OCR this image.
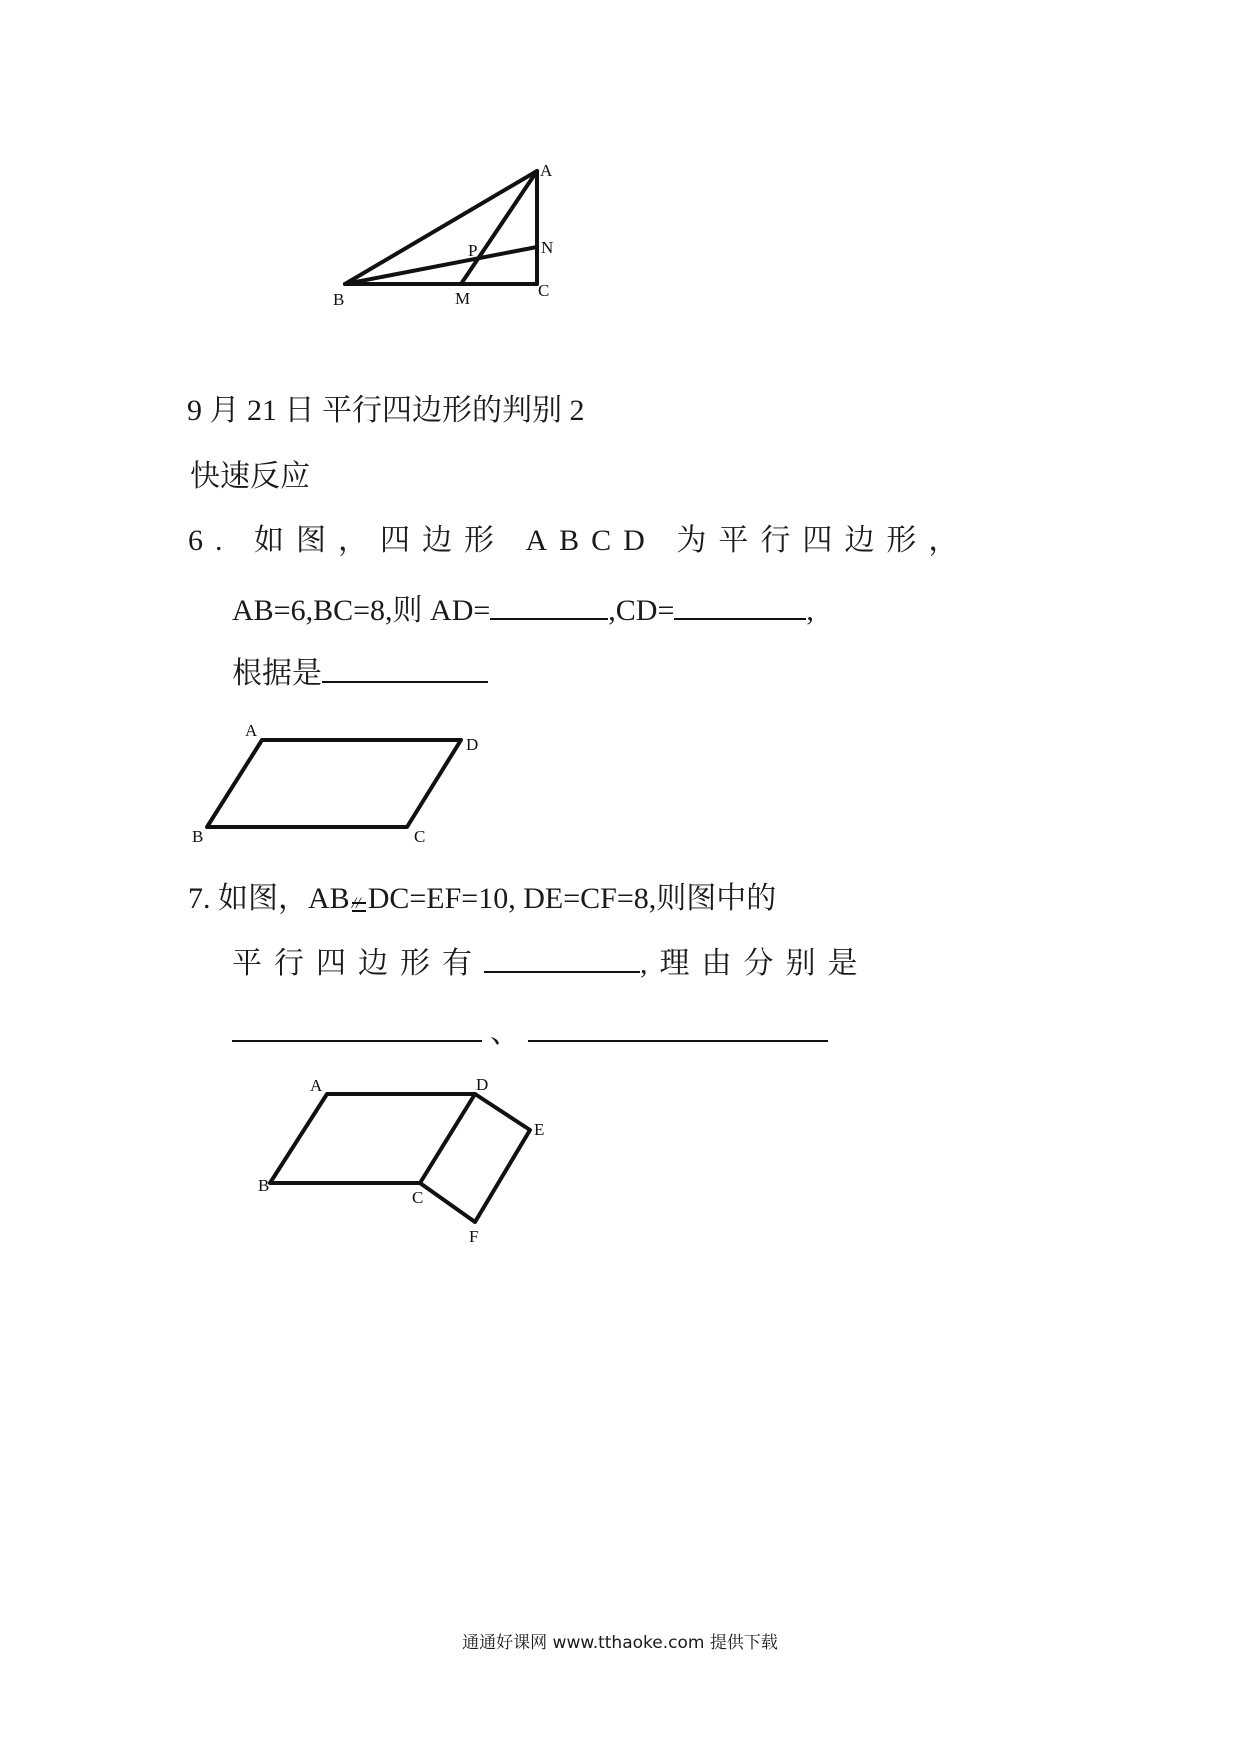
A
N
P
B	M	C
9 月 21 日 平行四边形的判别 2
快速反应
6. 如图，四边形 ABCD 为平行四边形，
AB=6,BC=8,则 AD=	,CD=	,
根据是
A
D
B	C
7. 如图，AB // DC=EF=10, DE=CF=8,则图中的
平行四边形有	,理由分别是
、
A	D
E
B
C
F
通通好课网 www.tthaoke.com 提供下载
